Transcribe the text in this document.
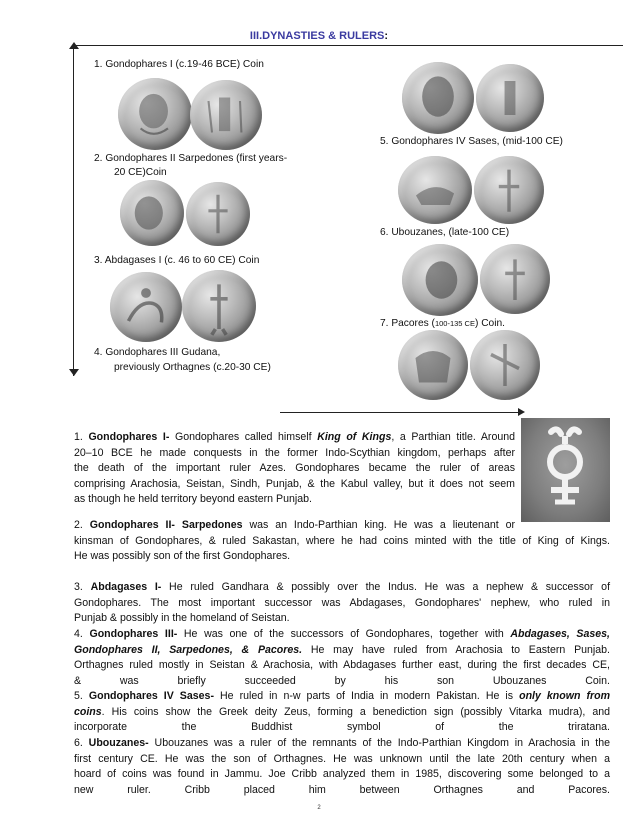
III.DYNASTIES & RULERS:
1. Gondophares I (c.19-46 BCE) Coin
2. Gondophares II Sarpedones (first years-
20 CE)Coin
3. Abdagases I (c. 46 to 60 CE) Coin
4. Gondophares III Gudana,
previously Orthagnes (c.20-30 CE)
5. Gondophares IV Sases, (mid-100 CE)
6. Ubouzanes, (late-100 CE)
7. Pacores (100-135 CE) Coin.

1. Gondophares I- Gondophares called himself King of Kings, a Parthian title. Around

20–10 BCE he made conquests in the former Indo-Scythian kingdom, perhaps after

the death of the important ruler Azes. Gondophares became the ruler of areas

comprising Arachosia, Seistan, Sindh, Punjab, & the Kabul valley, but it does not seem

as though he held territory beyond eastern Punjab.

2. Gondophares II- Sarpedones was an Indo-Parthian king. He was a lieutenant or

kinsman of Gondophares, & ruled Sakastan, where he had coins minted with the title of King of Kings.

He was possibly son of the first Gondophares.

3. Abdagases I- He ruled Gandhara & possibly over the Indus. He was a nephew & successor of

Gondophares. The most important successor was Abdagases, Gondophares' nephew, who ruled in

Punjab & possibly in the homeland of Seistan.

4. Gondophares III- He was one of the successors of Gondophares, together with Abdagases, Sases,

Gondophares II, Sarpedones, & Pacores. He may have ruled from Arachosia to Eastern Punjab.

Orthagnes ruled mostly in Seistan & Arachosia, with Abdagases further east, during the first decades CE,

& was briefly succeeded by his son Ubouzanes Coin.

5. Gondophares IV Sases- He ruled in n-w parts of India in modern Pakistan. He is only known from

coins. His coins show the Greek deity Zeus, forming a benediction sign (possibly Vitarka mudra), and

incorporate the Buddhist symbol of the triratana.

6. Ubouzanes- Ubouzanes was a ruler of the remnants of the Indo-Parthian Kingdom in Arachosia in the

first century CE. He was the son of Orthagnes. He was unknown until the late 20th century when a

hoard of coins was found in Jammu. Joe Cribb analyzed them in 1985, discovering some belonged to a

new ruler. Cribb placed him between Orthagnes and Pacores.

2
